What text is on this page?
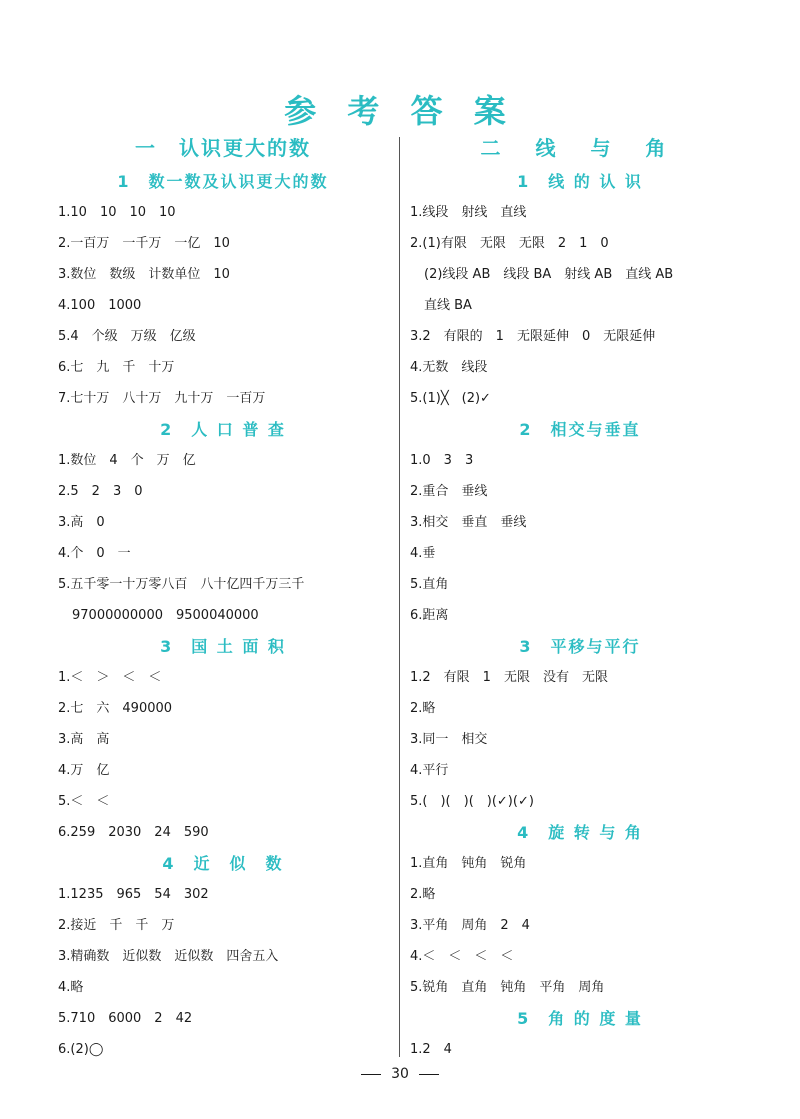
参 考 答 案
一　认识更大的数
1　数一数及认识更大的数
1.10　10　10　10
2.一百万　一千万　一亿　10
3.数位　数级　计数单位　10
4.100　1000
5.4　个级　万级　亿级
6.七　九　千　十万
7.七十万　八十万　九十万　一百万
2　人 口 普 查
1.数位　4　个　万　亿
2.5　2　3　0
3.高　0
4.个　0　一
5.五千零一十万零八百　八十亿四千万三千
97000000000　9500040000
3　国 土 面 积
1.＜　＞　＜　＜
2.七　六　490000
3.高　高
4.万　亿
5.＜　＜
6.259　2030　24　590
4　近　似　数
1.1235　965　54　302
2.接近　千　千　万
3.精确数　近似数　近似数　四舍五入
4.略
5.710　6000　2　42
6.(2)◯
二 线 与 角
1　线 的 认 识
1.线段　射线　直线
2.(1)有限　无限　无限　2　1　0
(2)线段 AB　线段 BA　射线 AB　直线 AB
直线 BA
3.2　有限的　1　无限延伸　0　无限延伸
4.无数　线段
5.(1)╳　(2)✓
2　相交与垂直
1.0　3　3
2.重合　垂线
3.相交　垂直　垂线
4.垂
5.直角
6.距离
3　平移与平行
1.2　有限　1　无限　没有　无限
2.略
3.同一　相交
4.平行
5.(　)(　)(　)(✓)(✓)
4　旋 转 与 角
1.直角　钝角　锐角
2.略
3.平角　周角　2　4
4.＜　＜　＜　＜
5.锐角　直角　钝角　平角　周角
5　角 的 度 量
1.2　4
30
